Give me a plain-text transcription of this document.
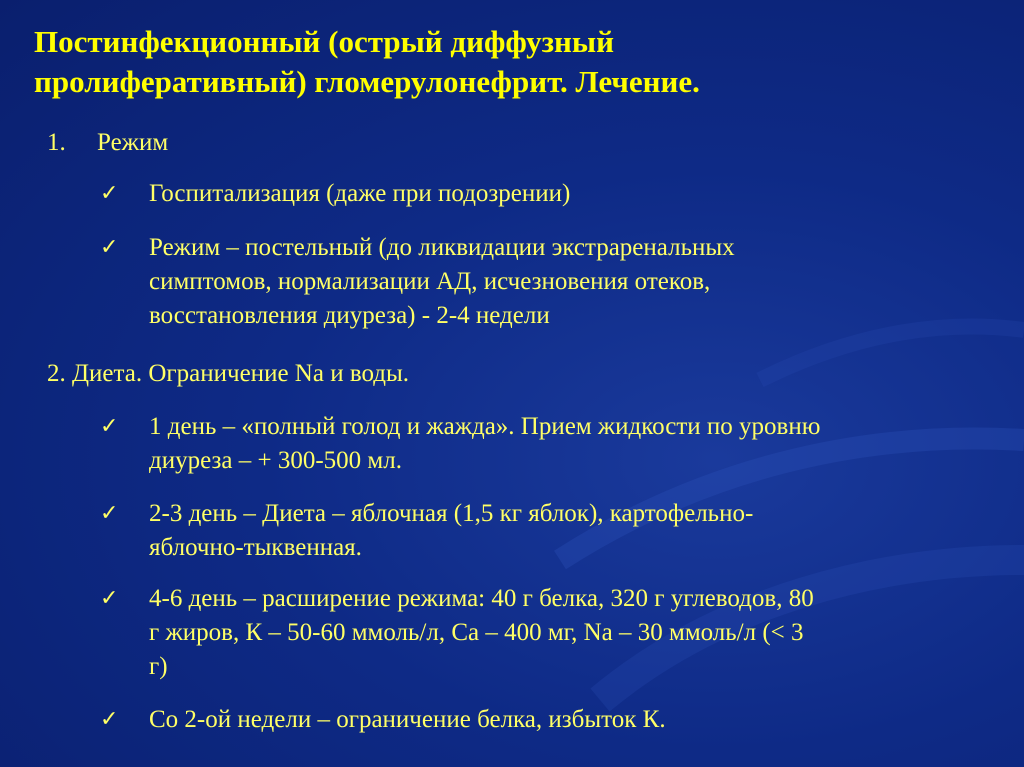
Постинфекционный (острый диффузный
пролиферативный) гломерулонефрит. Лечение.
1. Режим
✓ Госпитализация (даже при подозрении)
✓ Режим – постельный (до ликвидации экстраренальных
симптомов, нормализации АД, исчезновения отеков,
восстановления диуреза) - 2-4 недели
2. Диета. Ограничение Na и воды.
✓ 1 день – «полный голод и жажда». Прием жидкости по уровню
диуреза – + 300-500 мл.
✓ 2-3 день – Диета – яблочная (1,5 кг яблок), картофельно-
яблочно-тыквенная.
✓ 4-6 день – расширение режима: 40 г белка, 320 г углеводов, 80
г жиров, К – 50-60 ммоль/л, Са – 400 мг, Na – 30 ммоль/л (< 3
г)
✓ Со 2-ой недели – ограничение белка, избыток К.
